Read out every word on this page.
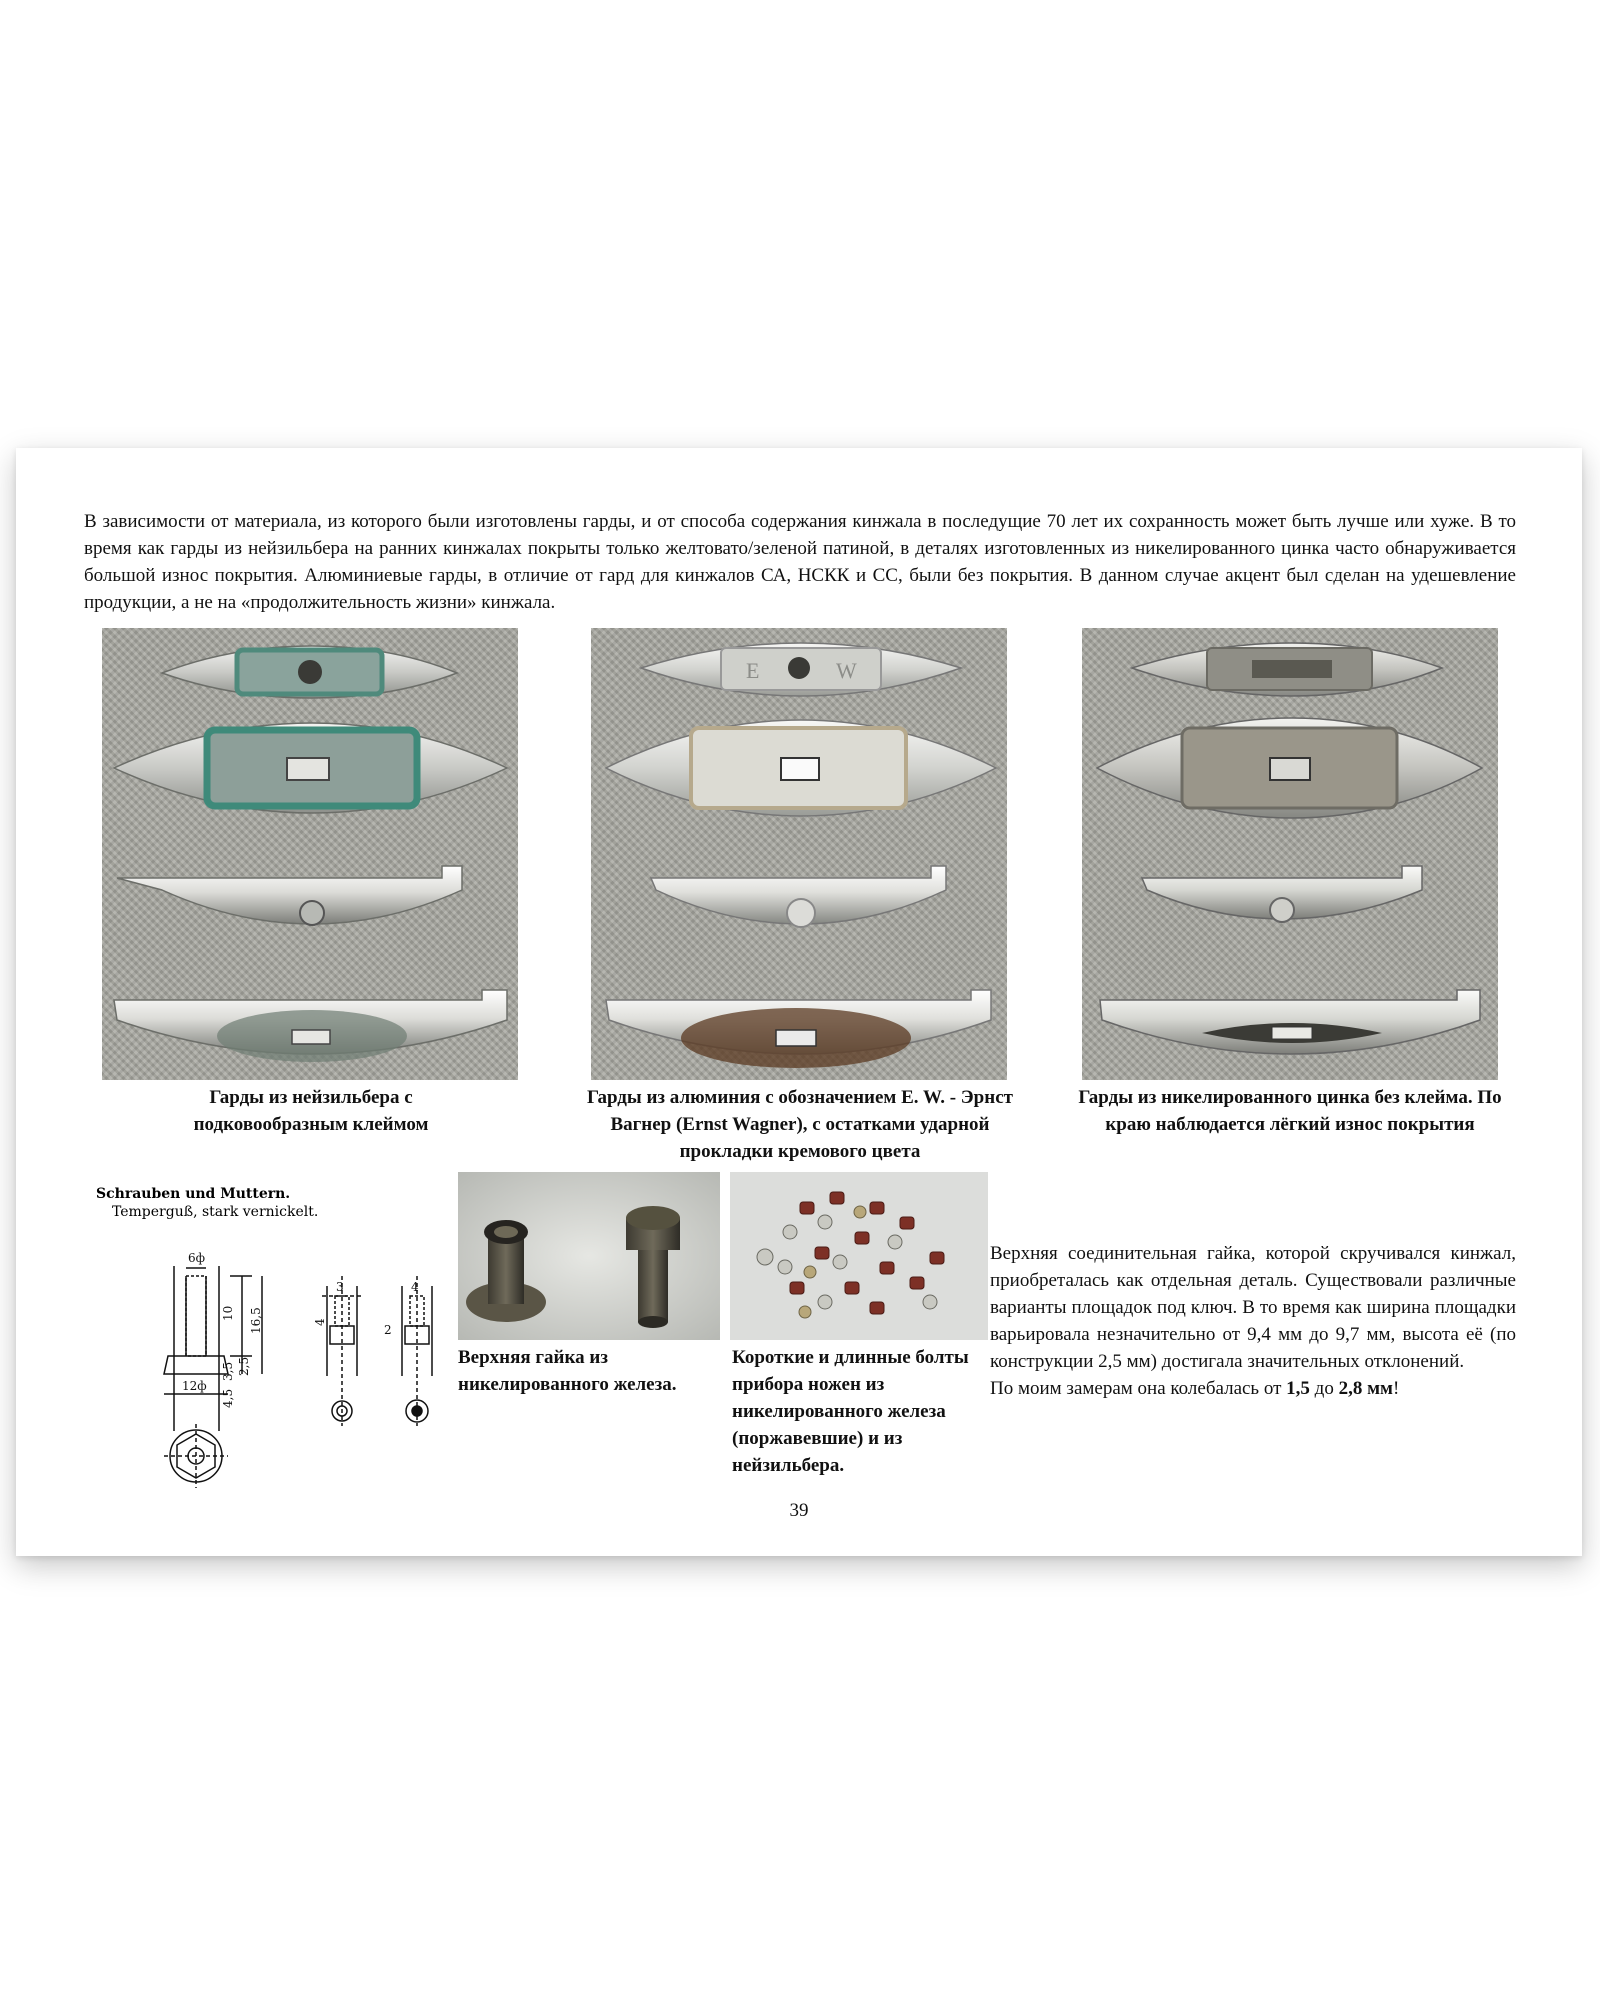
В зависимости от материала, из которого были изготовлены гарды, и от способа содержания кинжала в последущие 70 лет их сохранность может быть лучше или хуже. В то время как гарды из нейзильбера на ранних кинжалах покрыты только желтовато/зеленой патиной, в деталях изготовленных из никелированного цинка часто обнаруживается большой износ покрытия. Алюминиевые гарды, в отличие от гард для кинжалов СА, НСКК и СС, были без покрытия. В данном случае акцент был сделан на удешевление продукции, а не на «продолжительность жизни» кинжала.

E	W

Гарды из нейзильбера с подковообразным клеймом

Гарды из алюминия с обозначением E. W. - Эрнст Вагнер (Ernst Wagner), с остатками ударной прокладки кремового цвета

Гарды из никелированного цинка без клейма. По краю наблюдается лёгкий износ покрытия

Schrauben und Muttern.
Temperguß, stark vernickelt.
6ф
10 16,5
2,5
3,5
4,5
12ф
4
3
2
4

Верхняя гайка из никелированного железа.

Короткие и длинные болты прибора ножен из никелированного железа (поржавевшие) и из нейзильбера.

Верхняя соединительная гайка, которой скручивался кинжал, приобреталась как отдельная деталь. Существовали различные варианты площадок под ключ. В то время как ширина площадки варьировала незначительно от 9,4 мм до 9,7 мм, высота её (по конструкции 2,5 мм) достигала значительных отклонений.
По моим замерам она колебалась от 1,5 до 2,8 мм!
39
